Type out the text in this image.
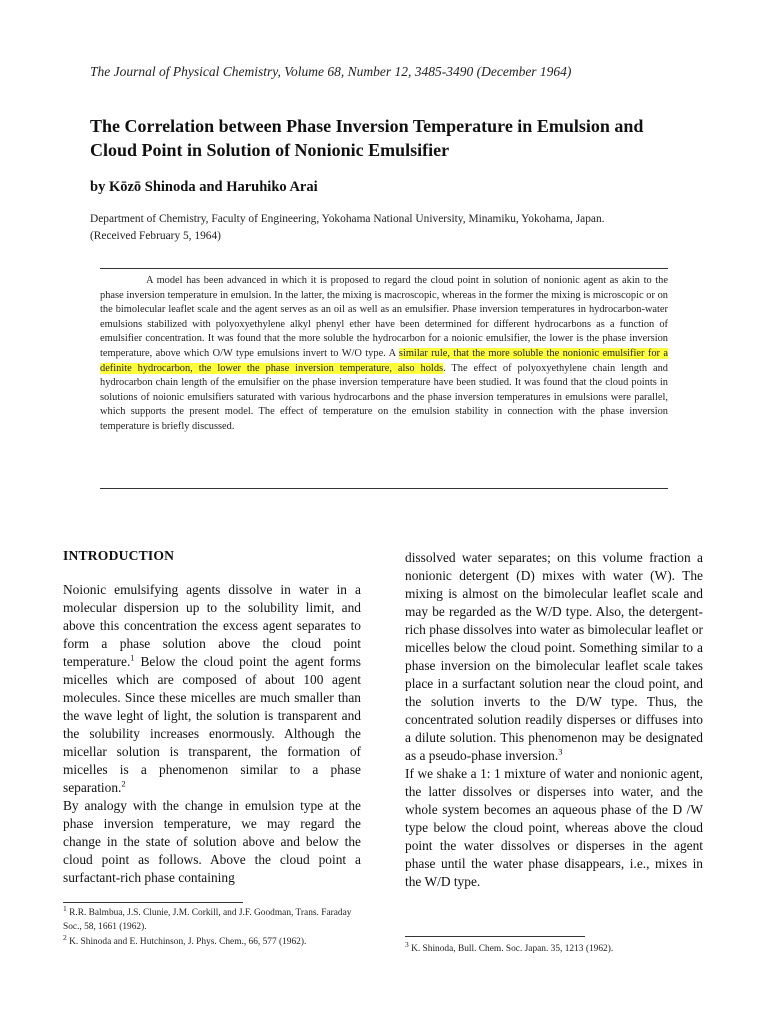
The Journal of Physical Chemistry, Volume 68, Number 12, 3485-3490 (December 1964)
The Correlation between Phase Inversion Temperature in Emulsion and Cloud Point in Solution of Nonionic Emulsifier
by Kōzō Shinoda and Haruhiko Arai
Department of Chemistry, Faculty of Engineering, Yokohama National University, Minamiku, Yokohama, Japan.
(Received February 5, 1964)
A model has been advanced in which it is proposed to regard the cloud point in solution of nonionic agent as akin to the phase inversion temperature in emulsion. In the latter, the mixing is macroscopic, whereas in the former the mixing is microscopic or on the bimolecular leaflet scale and the agent serves as an oil as well as an emulsifier. Phase inversion temperatures in hydrocarbon-water emulsions stabilized with polyoxyethylene alkyl phenyl ether have been determined for different hydrocarbons as a function of emulsifier concentration. It was found that the more soluble the hydrocarbon for a noionic emulsifier, the lower is the phase inversion temperature, above which O/W type emulsions invert to W/O type. A similar rule, that the more soluble the nonionic emulsifier for a definite hydrocarbon, the lower the phase inversion temperature, also holds. The effect of polyoxyethylene chain length and hydrocarbon chain length of the emulsifier on the phase inversion temperature have been studied. It was found that the cloud points in solutions of noionic emulsifiers saturated with various hydrocarbons and the phase inversion temperatures in emulsions were parallel, which supports the present model. The effect of temperature on the emulsion stability in connection with the phase inversion temperature is briefly discussed.

INTRODUCTION

Noionic emulsifying agents dissolve in water in a molecular dispersion up to the solubility limit, and above this concentration the excess agent separates to form a phase solution above the cloud point temperature.$^1$ Below the cloud point the agent forms micelles which are composed of about 100 agent molecules. Since these micelles are much smaller than the wave leght of light, the solution is transparent and the solubility increases enormously. Although the micellar solution is transparent, the formation of micelles is a phenomenon similar to a phase separation.$^2$

By analogy with the change in emulsion type at the phase inversion temperature, we may regard the change in the state of solution above and below the cloud point as follows. Above the cloud point a surfactant-rich phase containing

dissolved water separates; on this volume fraction a nonionic detergent (D) mixes with water (W). The mixing is almost on the bimolecular leaflet scale and may be regarded as the W/D type. Also, the detergent-rich phase dissolves into water as bimolecular leaflet or micelles below the cloud point. Something similar to a phase inversion on the bimolecular leaflet scale takes place in a surfactant solution near the cloud point, and the solution inverts to the D/W type. Thus, the concentrated solution readily disperses or diffuses into a dilute solution. This phenomenon may be designated as a pseudo-phase inversion.$^3$

If we shake a 1: 1 mixture of water and nonionic agent, the latter dissolves or disperses into water, and the whole system becomes an aqueous phase of the D /W type below the cloud point, whereas above the cloud point the water dissolves or disperses in the agent phase until the water phase disappears, i.e., mixes in the W/D type.

$^1$ R.R. Balmbua, J.S. Clunie, J.M. Corkill, and J.F. Goodman, Trans. Faraday Soc., 58, 1661 (1962).

$^2$ K. Shinoda and E. Hutchinson, J. Phys. Chem., 66, 577 (1962).	$^3$ K. Shinoda, Bull. Chem. Soc. Japan. 35, 1213 (1962).
